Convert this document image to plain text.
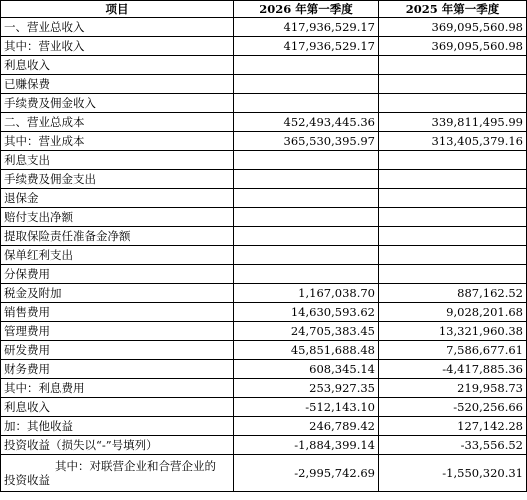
项目	2026 年第一季度	2025 年第一季度
一、营业总收入	417,936,529.17	369,095,560.98
其中：营业收入	417,936,529.17	369,095,560.98
利息收入		
已赚保费		
手续费及佣金收入		
二、营业总成本	452,493,445.36	339,811,495.99
其中：营业成本	365,530,395.97	313,405,379.16
利息支出		
手续费及佣金支出		
退保金		
赔付支出净额		
提取保险责任准备金净额		
保单红利支出		
分保费用		
税金及附加	1,167,038.70	887,162.52
销售费用	14,630,593.62	9,028,201.68
管理费用	24,705,383.45	13,321,960.38
研发费用	45,851,688.48	7,586,677.61
财务费用	608,345.14	-4,417,885.36
其中：利息费用	253,927.35	219,958.73
利息收入	-512,143.10	-520,256.66
加：其他收益	246,789.42	127,142.28
投资收益（损失以“-”号填列）	-1,884,399.14	-33,556.52
其中：对联营企业和合营企业的
投资收益	-2,995,742.69	-1,550,320.31
